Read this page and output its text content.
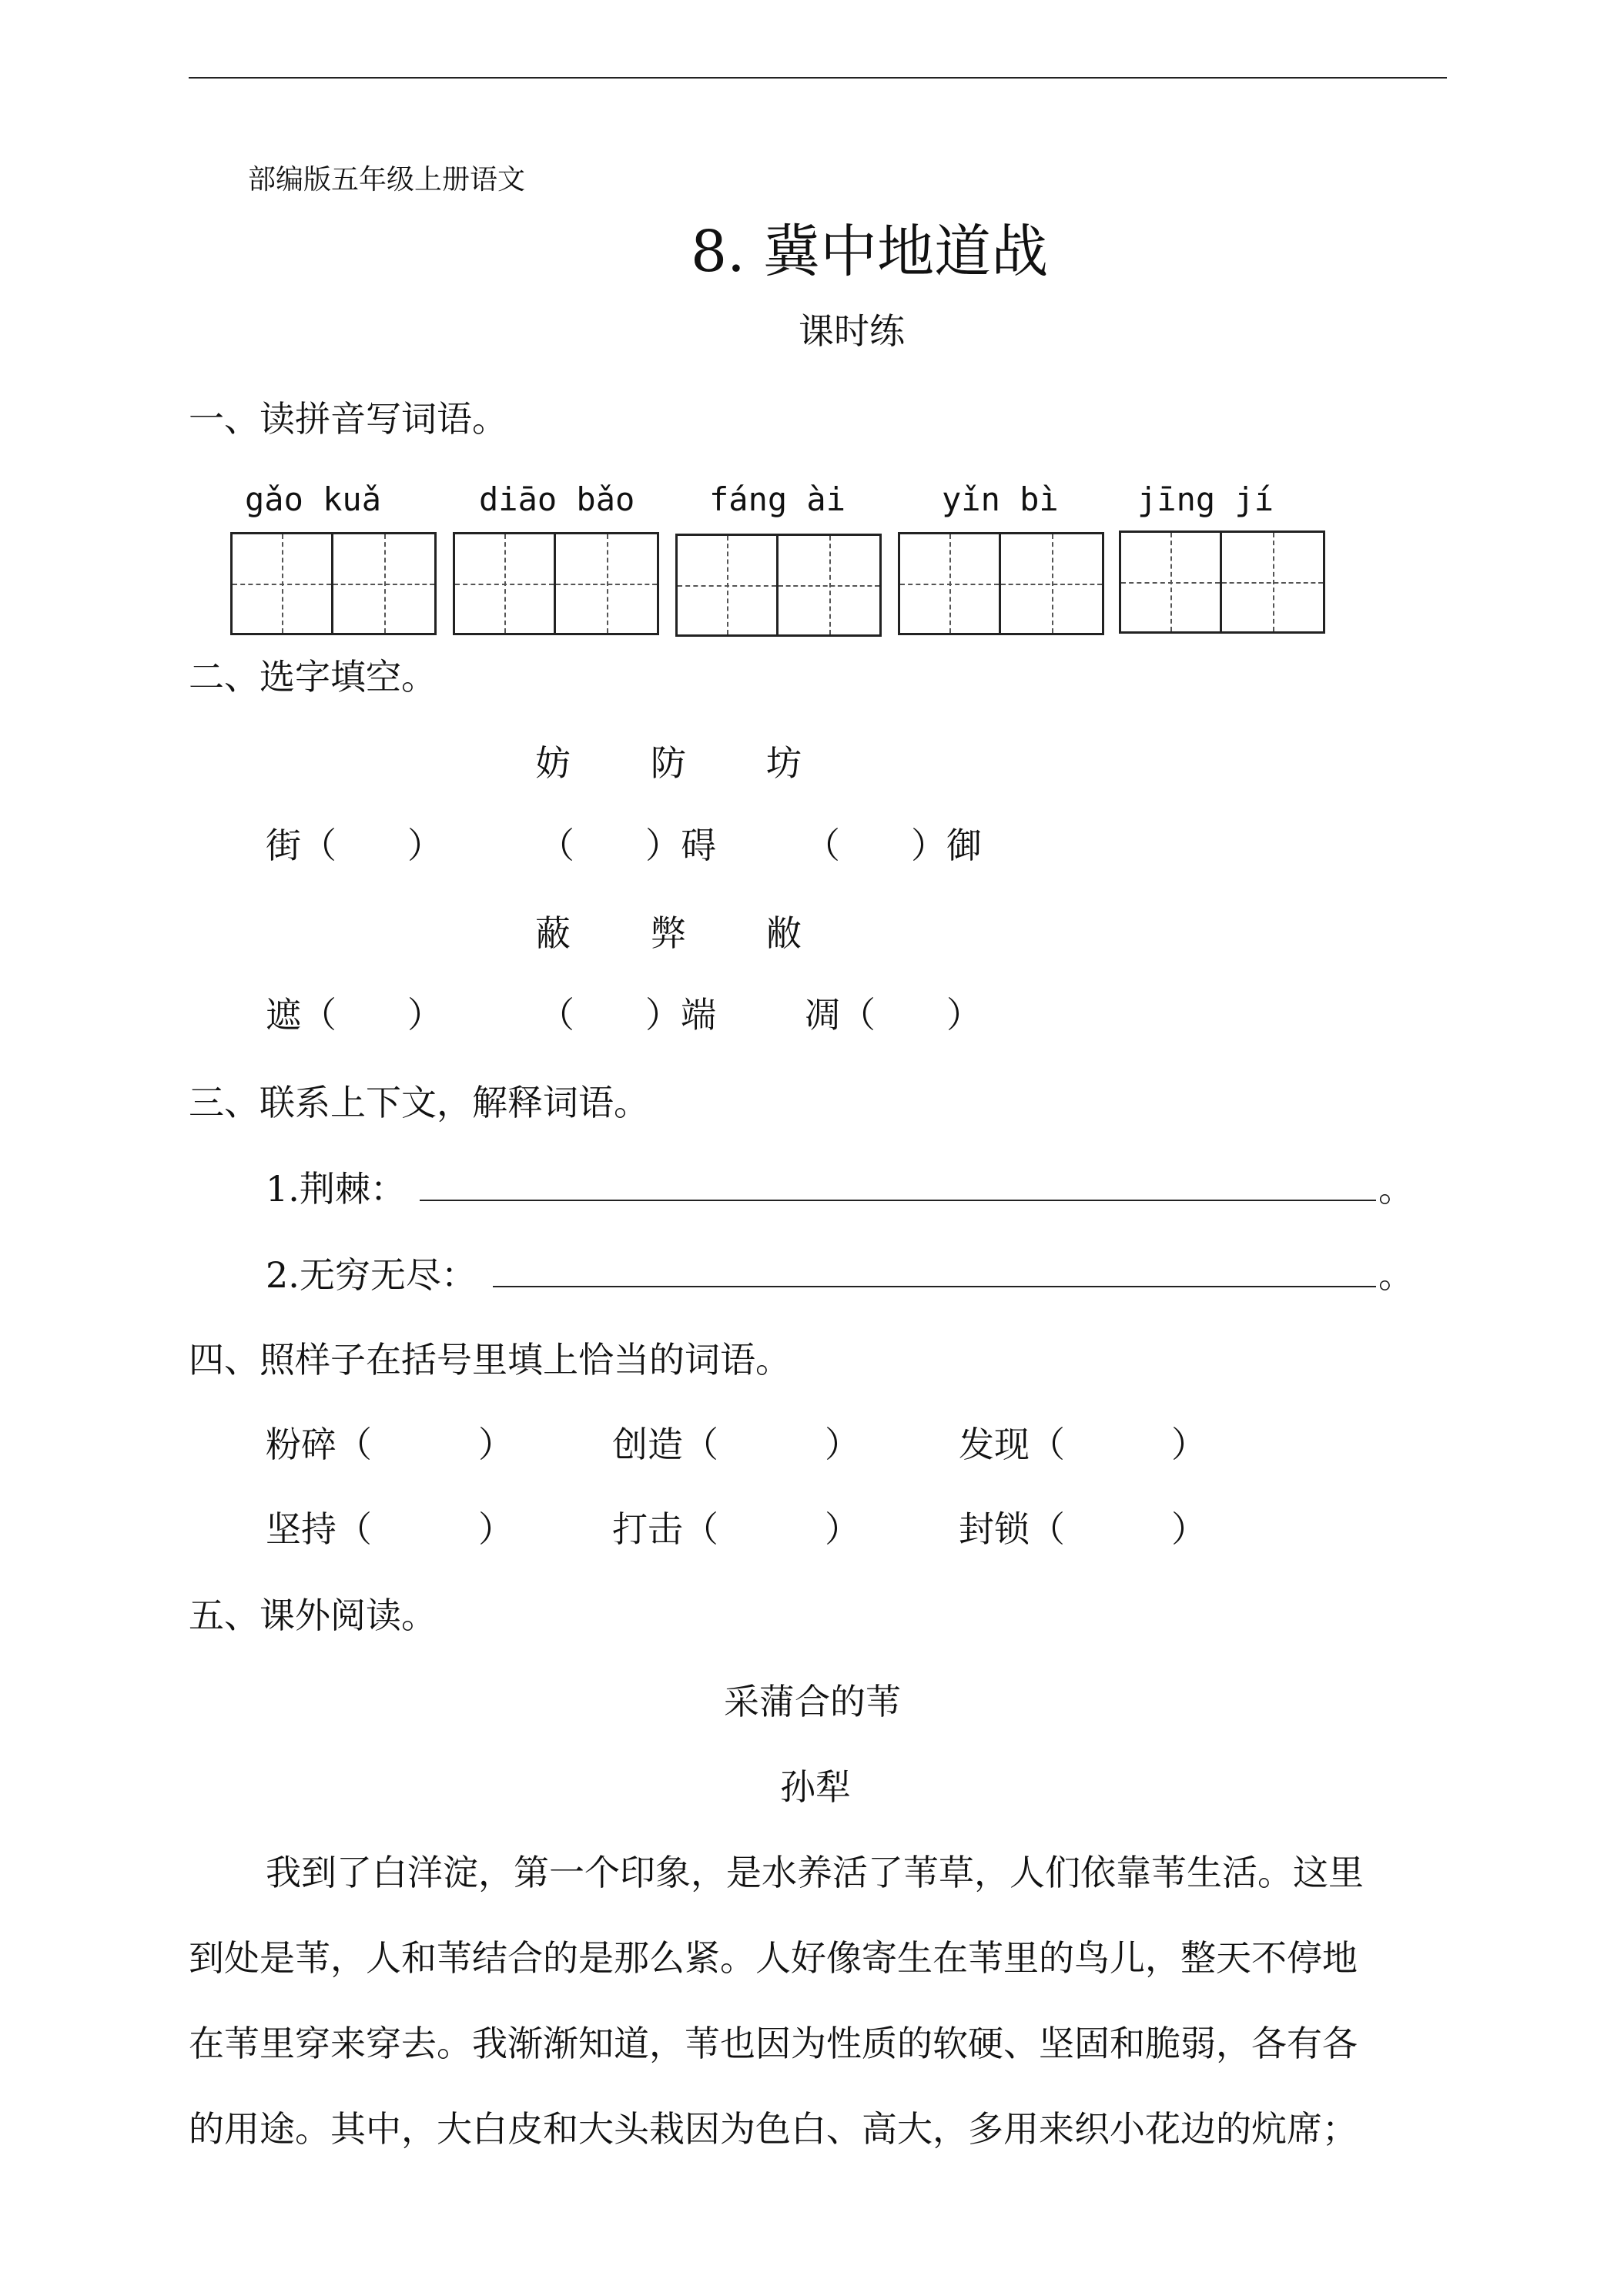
部编版五年级上册语文
8. 冀中地道战
课时练
一、读拼音写词语。
gǎo kuǎ	diāo bǎo fáng ài	yǐn bì jīng jí
二、选字填空。
妨 防 坊
街（　　）	（　　）碍	（　　）御
蔽 弊 敝
遮（　　）	（　　）端	凋（　　）
三、联系上下文，解释词语。
1.荆棘：	。
2.无穷无尽：	。
四、照样子在括号里填上恰当的词语。
粉碎（　　　）	创造（　　　）	发现（　　　）
坚持（　　　）	打击（　　　）	封锁（　　　）
五、课外阅读。
采蒲合的苇
孙犁
我到了白洋淀，第一个印象，是水养活了苇草，人们依靠苇生活。这里
到处是苇，人和苇结合的是那么紧。人好像寄生在苇里的鸟儿，整天不停地
在苇里穿来穿去。我渐渐知道，苇也因为性质的软硬、坚固和脆弱，各有各
的用途。其中，大白皮和大头栽因为色白、高大，多用来织小花边的炕席；
